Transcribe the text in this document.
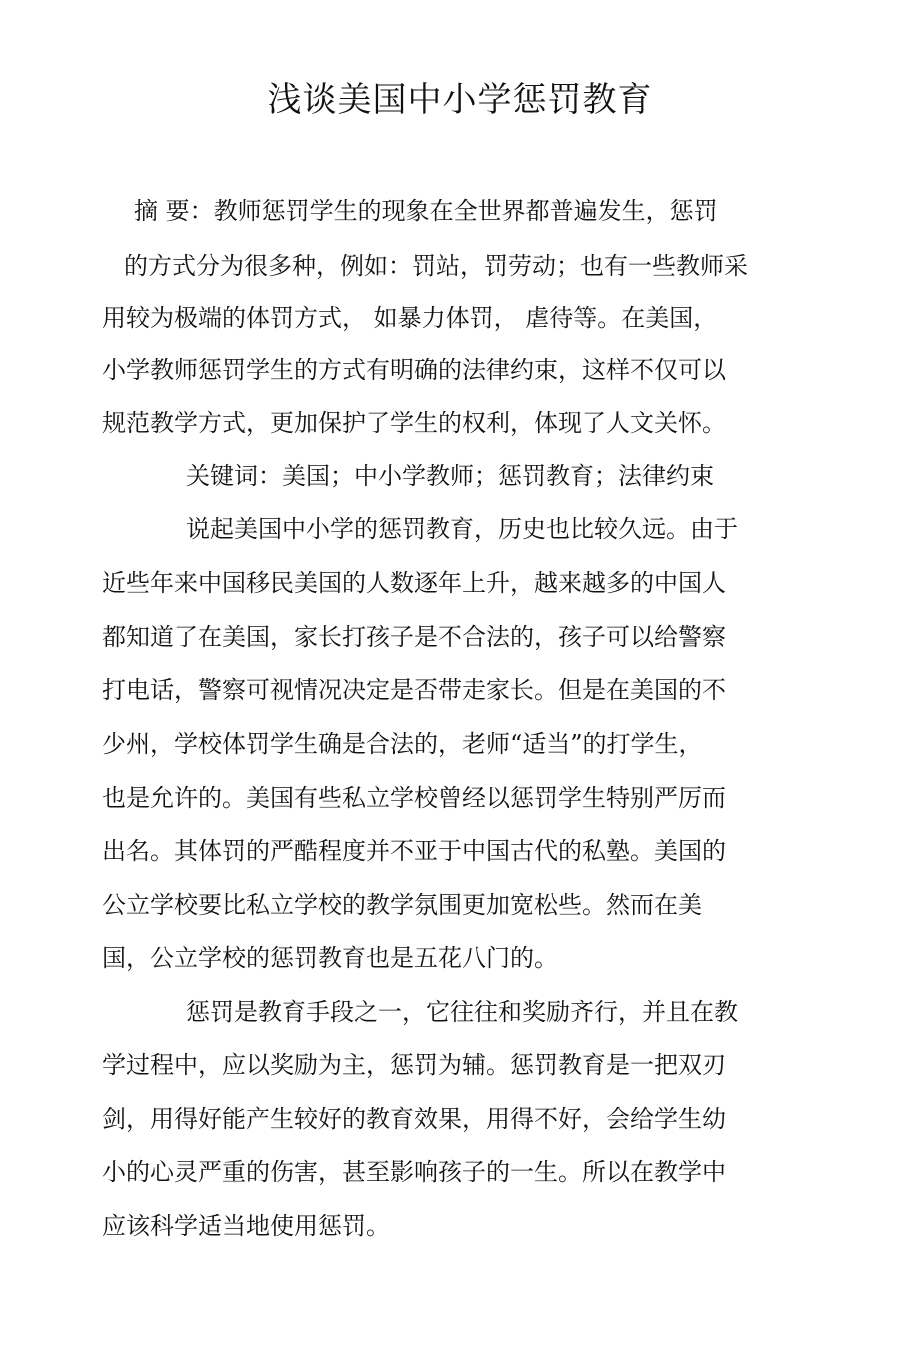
浅谈美国中小学惩罚教育
摘 要：教师惩罚学生的现象在全世界都普遍发生，惩罚
的方式分为很多种，例如：罚站，罚劳动；也有一些教师采
用较为极端的体罚方式， 如暴力体罚， 虐待等。在美国，
小学教师惩罚学生的方式有明确的法律约束，这样不仅可以
规范教学方式，更加保护了学生的权利，体现了人文关怀。
关键词：美国；中小学教师；惩罚教育；法律约束
说起美国中小学的惩罚教育，历史也比较久远。由于
近些年来中国移民美国的人数逐年上升，越来越多的中国人
都知道了在美国，家长打孩子是不合法的，孩子可以给警察
打电话，警察可视情况决定是否带走家长。但是在美国的不
少州，学校体罚学生确是合法的，老师“适当”的打学生，
也是允许的。美国有些私立学校曾经以惩罚学生特别严厉而
出名。其体罚的严酷程度并不亚于中国古代的私塾。美国的
公立学校要比私立学校的教学氛围更加宽松些。然而在美
国，公立学校的惩罚教育也是五花八门的。
惩罚是教育手段之一，它往往和奖励齐行，并且在教
学过程中，应以奖励为主，惩罚为辅。惩罚教育是一把双刃
剑，用得好能产生较好的教育效果，用得不好，会给学生幼
小的心灵严重的伤害，甚至影响孩子的一生。所以在教学中
应该科学适当地使用惩罚。
